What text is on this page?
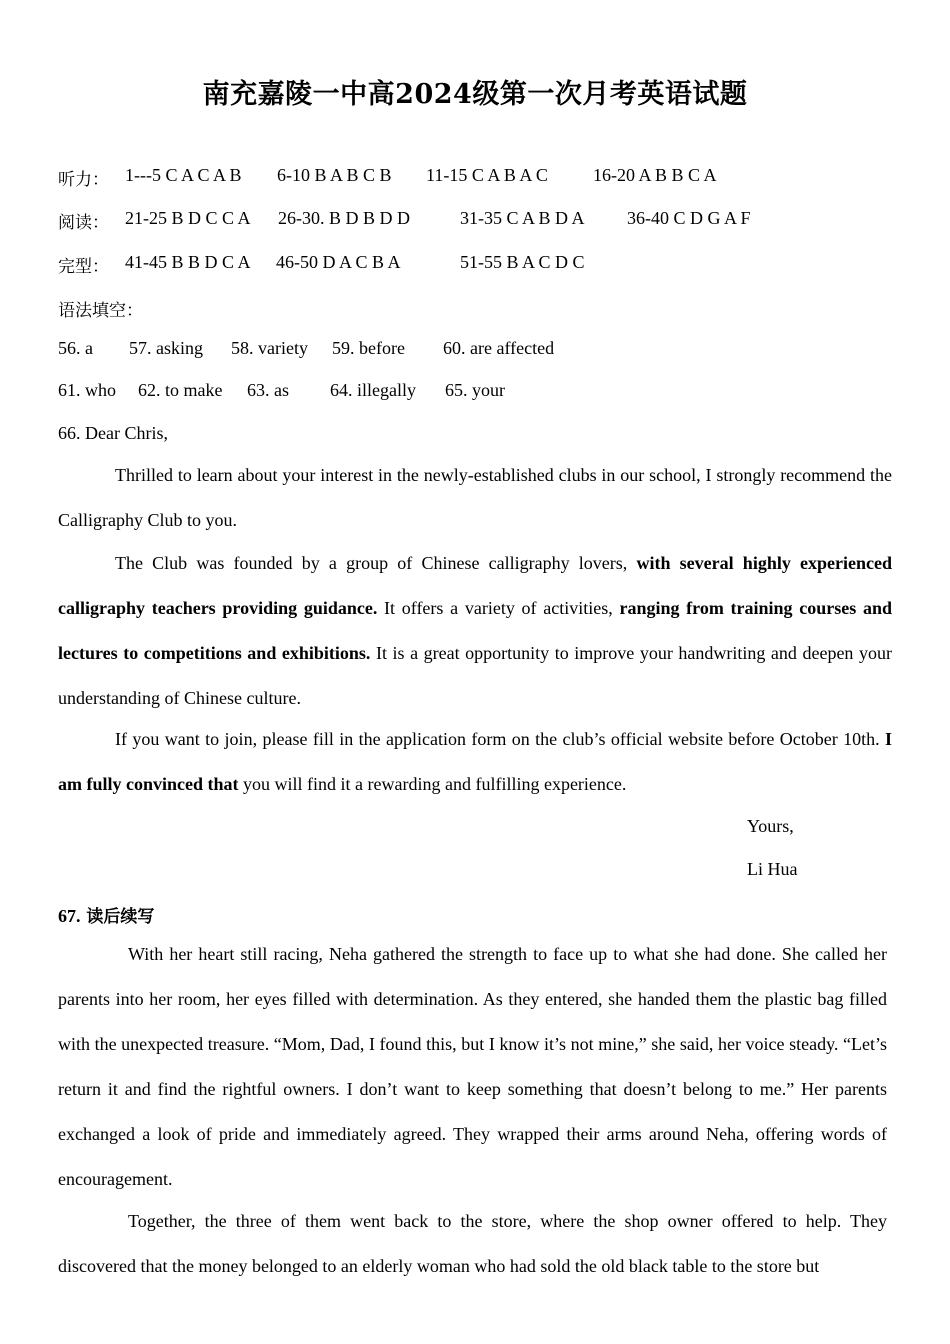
南充嘉陵一中高2024级第一次月考英语试题
听力： 1---5 C A C A B 6-10 B A B C B 11-15 C A B A C	16-20 A B B C A
阅读： 21-25 B D C C A 26-30. B D B D D	31-35 C A B D A 36-40 C D G A F
完型： 41-45 B B D C A 46-50 D A C B A	51-55 B A C D C
语法填空：
56. a 57. asking 58. variety 59. before 60. are affected
61. who 62. to make 63. as 64. illegally 65. your
66. Dear Chris,

Thrilled to learn about your interest in the newly-established clubs in our school, I strongly recommend the Calligraphy Club to you.

The Club was founded by a group of Chinese calligraphy lovers, with several highly experienced calligraphy teachers providing guidance. It offers a variety of activities, ranging from training courses and lectures to competitions and exhibitions. It is a great opportunity to improve your handwriting and deepen your understanding of Chinese culture.

If you want to join, please fill in the application form on the club’s official website before October 10th. I am fully convinced that you will find it a rewarding and fulfilling experience.

Yours,
Li Hua
67. 读后续写

With her heart still racing, Neha gathered the strength to face up to what she had done. She called her parents into her room, her eyes filled with determination. As they entered, she handed them the plastic bag filled with the unexpected treasure. “Mom, Dad, I found this, but I know it’s not mine,” she said, her voice steady. “Let’s return it and find the rightful owners. I don’t want to keep something that doesn’t belong to me.” Her parents exchanged a look of pride and immediately agreed. They wrapped their arms around Neha, offering words of encouragement.

Together, the three of them went back to the store, where the shop owner offered to help. They discovered that the money belonged to an elderly woman who had sold the old black table to the store but
